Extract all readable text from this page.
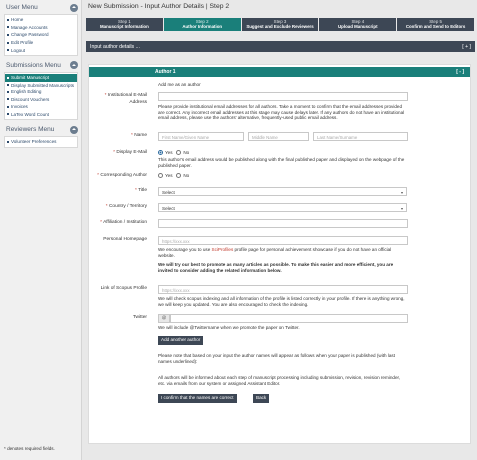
User Menu
Home
Manage Accounts
Change Password
Edit Profile
Logout
Submissions Menu
Submit Manuscript
Display Submitted Manuscripts
English Editing
Discount Vouchers
Invoices
LaTex Word Count
Reviewers Menu
Volunteer Preferences
New Submission - Input Author Details | Step 2
Step 1
Manuscript Information
Step 2
Author Information
Step 3
Suggest and Exclude Reviewers
Step 4
Upload Manuscript
Step 5
Confirm and Send to Editors
Input author details ...	[ + ]
Author 1	[ - ]
Add me as an author
* Institutional E-Mail Address
Please provide institutional email addresses for all authors. Take a moment to confirm that the email addresses provided are correct. Any incorrect email addresses at this stage may cause delays later. If any authors do not have an institutional email address, please use the authors' alternative, frequently-used public email address.
* Name	First Name/Given Name	Middle Name	Last Name/Surname
* Display E-Mail	Yes No
This author's email address would be published along with the final published paper and displayed on the webpage of the published paper.
* Corresponding Author	Yes No
* Title	Select	▾
* Country / Territory	Select	▾
* Affiliation / Institution
Personal Homepage	https://xxx.xxx
We encourage you to use SciProfiles profile page for personal achievement showcase if you do not have an official website.
We will try our best to promote as many articles as possible. To make this easier and more efficient, you are invited to consider adding the related information below.
Link of Scopus Profile	https://xxx.xxx
We will check scopus indexing and all information of the profile is listed correctly in your profile. If there is anything wrong, we will keep you updated. You are also encouraged to check the indexing.
Twitter	@
We will include @Twittername when we promote the paper on Twitter.
Add another author
Please note that based on your input the author names will appear as follows when your paper is published (with last names underlined):
All authors will be informed about each step of manuscript processing including submission, revision, revision reminder, etc. via emails from our system or assigned Assistant Editor.
I confirm that the names are correct	Back
* denotes required fields.
